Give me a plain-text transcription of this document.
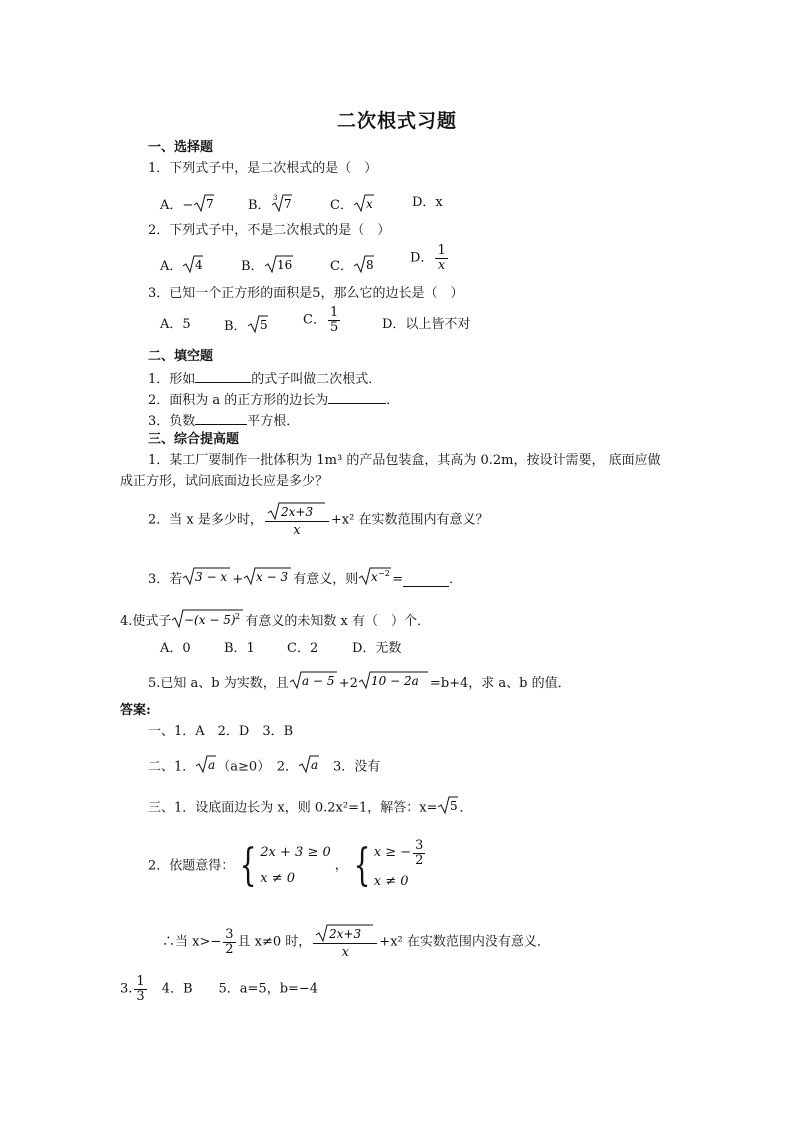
二次根式习题
一、选择题
1．下列式子中，是二次根式的是（　）
A．− 7	B． 3 7	C． x	D．x
2．下列式子中，不是二次根式的是（　）
A． 4	B． 16	C． 8	D． $\frac{1}{x}$
3．已知一个正方形的面积是5，那么它的边长是（　）
A．5	B． 5	C． $\frac{1}{5}$	D．以上皆不对
二、填空题
1．形如	的式子叫做二次根式．
2．面积为 a 的正方形的边长为	．
3．负数	平方根．
三、综合提高题
1．某工厂要制作一批体积为 1m³ 的产品包装盒，其高为 0.2m，按设计需要， 底面应做
成正方形，试问底面边长应是多少？
2．当 x 是多少时， $\frac{2x+3}{x} +x^2$ 在实数范围内有意义？
3．若 3 − x + x − 3 有意义，则 x −2 =	．
4.使式子 −(x − 5) 2 有意义的未知数 x 有（　）个．
A．0	B．1 C．2	D．无数
5.已知 a、b 为实数，且 a − 5 +2 10 − 2a =b+4，求 a、b 的值．
答案:
一、1．A　2．D　3．B
二、1． a （a≥0）　2． a 　3．没有
三、1．设底面边长为 x，则 0.2x²=1，解答：x= 5 ．
2．依题意得： { 2x + 3 ≥ 0
x ≠ 0
， { x ≥ − $\frac{3}{2}$
x ≠ 0
∴当 $x>- \frac{3}{2}$ 且 x≠0 时， $\frac{2x+3}{x} +x^2$ 在实数范围内没有意义．
3. $\frac{1}{3}$ 　4．B　　5．a=5，b=−4
